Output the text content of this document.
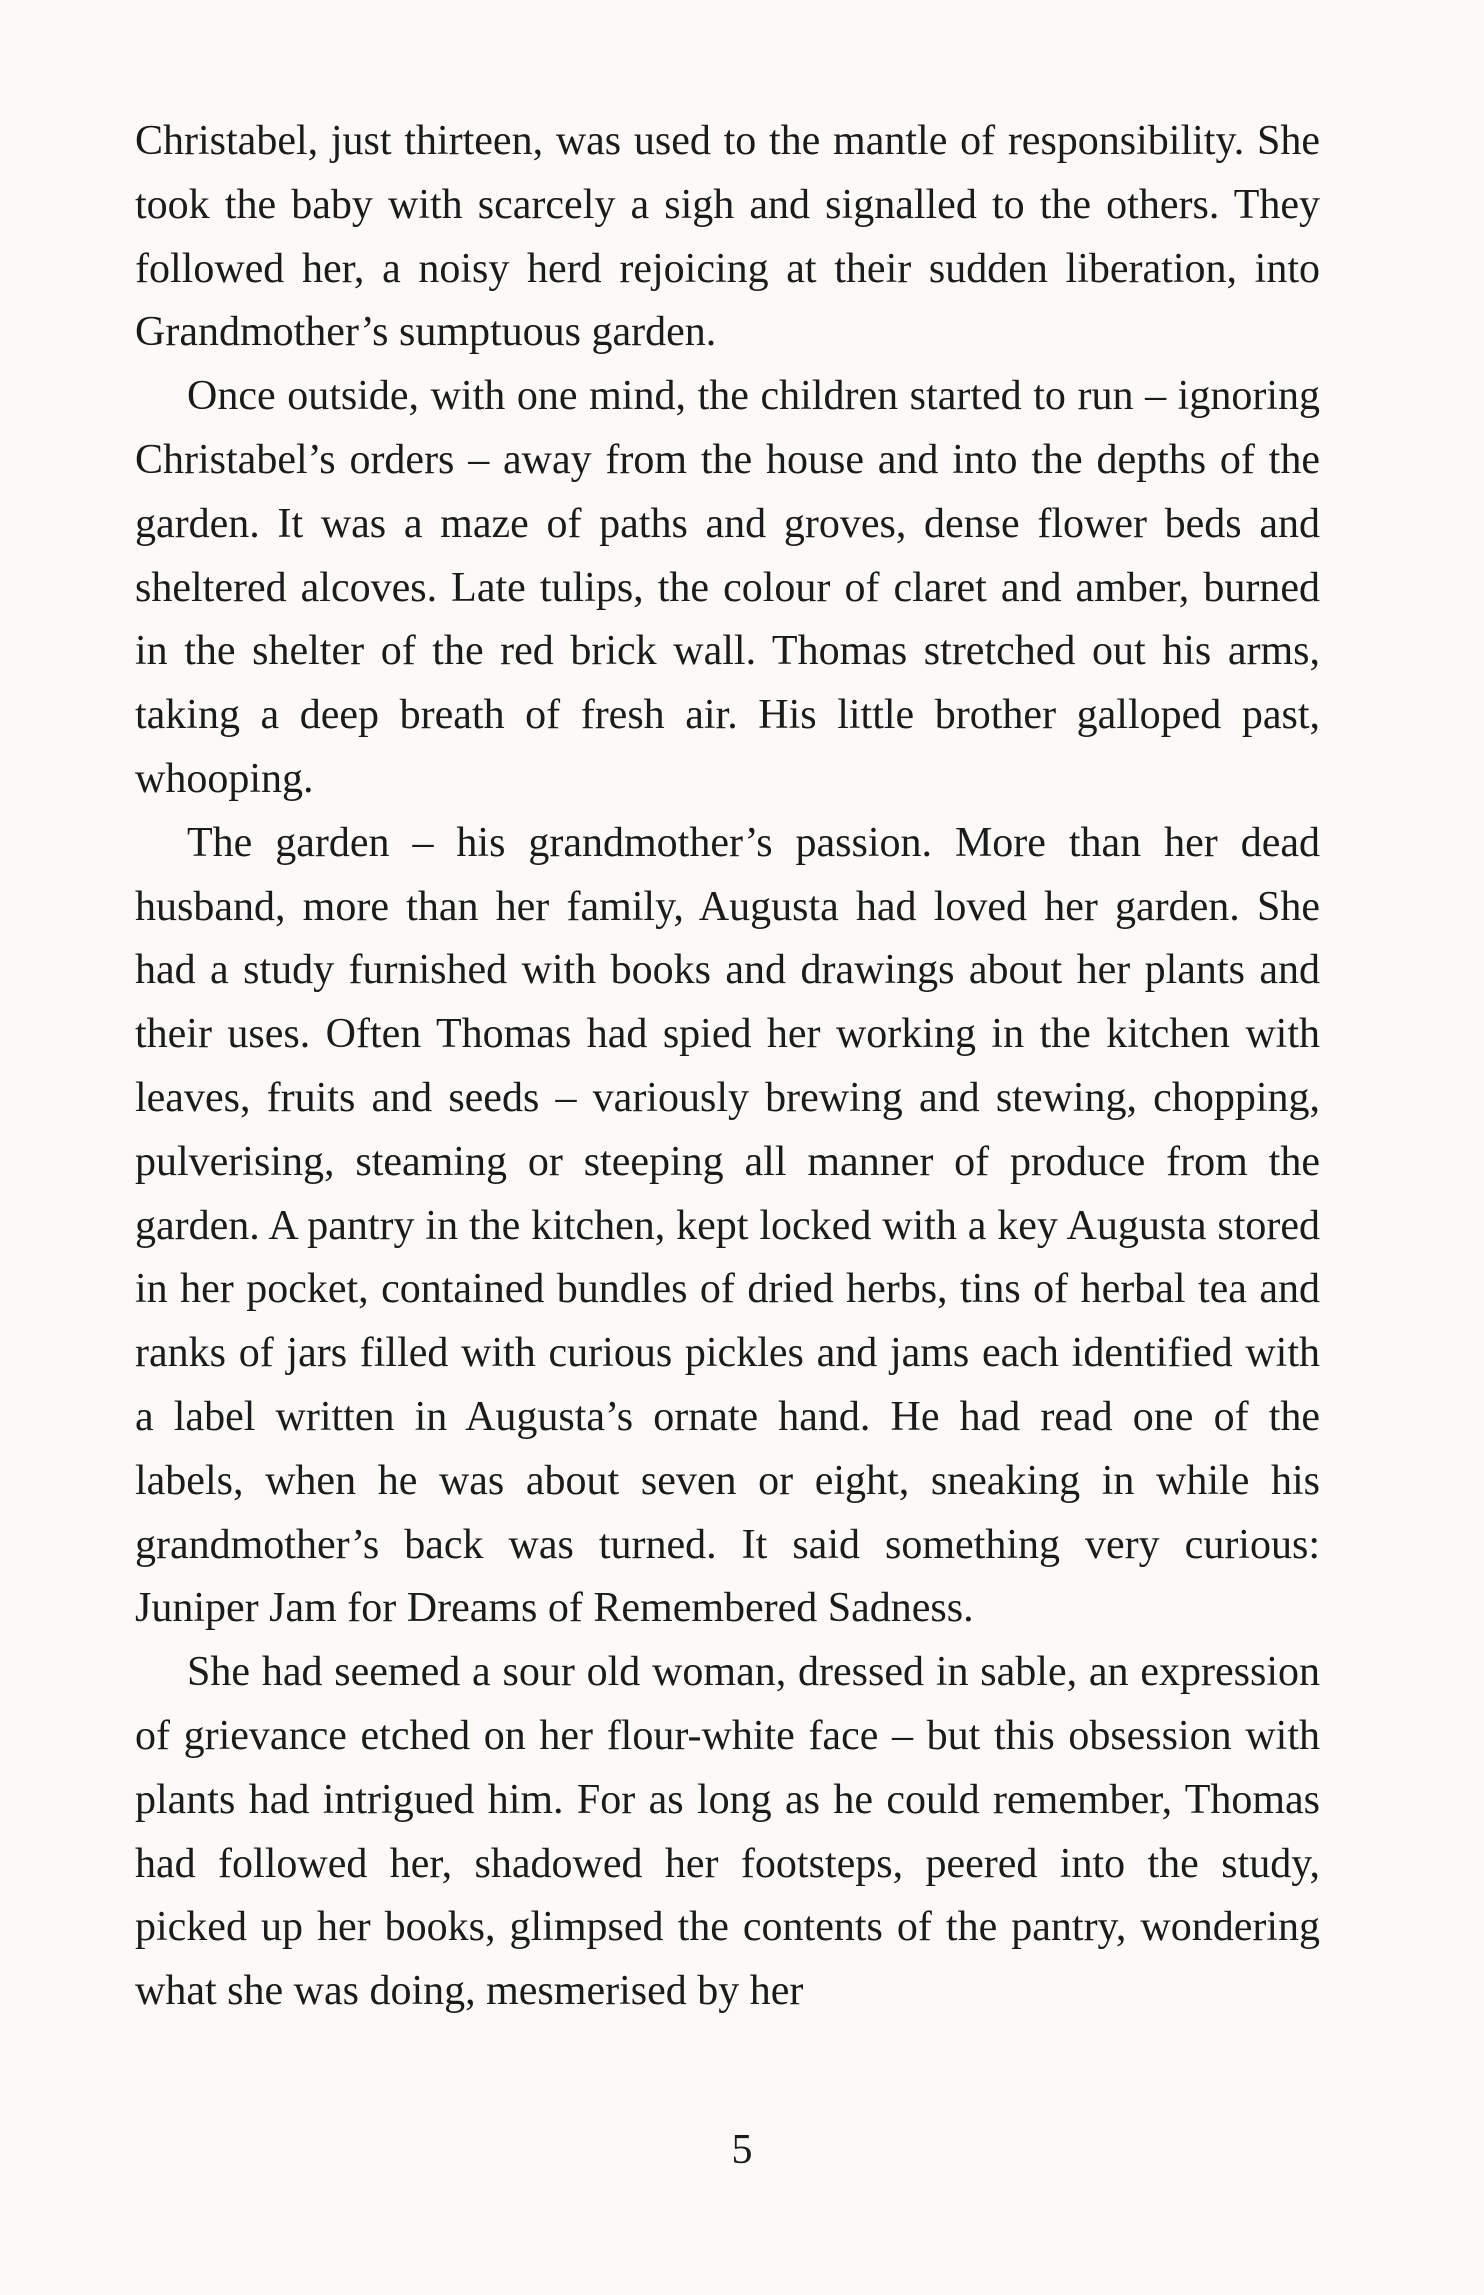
Christabel, just thirteen, was used to the mantle of responsibility. She took the baby with scarcely a sigh and signalled to the others. They followed her, a noisy herd rejoicing at their sudden liberation, into Grandmother’s sumptuous garden.

Once outside, with one mind, the children started to run – ignoring Christabel’s orders – away from the house and into the depths of the garden. It was a maze of paths and groves, dense flower beds and sheltered alcoves. Late tulips, the colour of claret and amber, burned in the shelter of the red brick wall. Thomas stretched out his arms, taking a deep breath of fresh air. His little brother galloped past, whooping.

The garden – his grandmother’s passion. More than her dead husband, more than her family, Augusta had loved her garden. She had a study furnished with books and drawings about her plants and their uses. Often Thomas had spied her working in the kitchen with leaves, fruits and seeds – variously brewing and stewing, chopping, pulverising, steaming or steeping all manner of produce from the garden. A pantry in the kitchen, kept locked with a key Augusta stored in her pocket, contained bundles of dried herbs, tins of herbal tea and ranks of jars filled with curious pickles and jams each identified with a label written in Augusta’s ornate hand. He had read one of the labels, when he was about seven or eight, sneaking in while his grandmother’s back was turned. It said something very curious: Juniper Jam for Dreams of Remembered Sadness.

She had seemed a sour old woman, dressed in sable, an expression of grievance etched on her flour-white face – but this obsession with plants had intrigued him. For as long as he could remember, Thomas had followed her, shadowed her footsteps, peered into the study, picked up her books, glimpsed the contents of the pantry, wondering what she was doing, mesmerised by her

5
